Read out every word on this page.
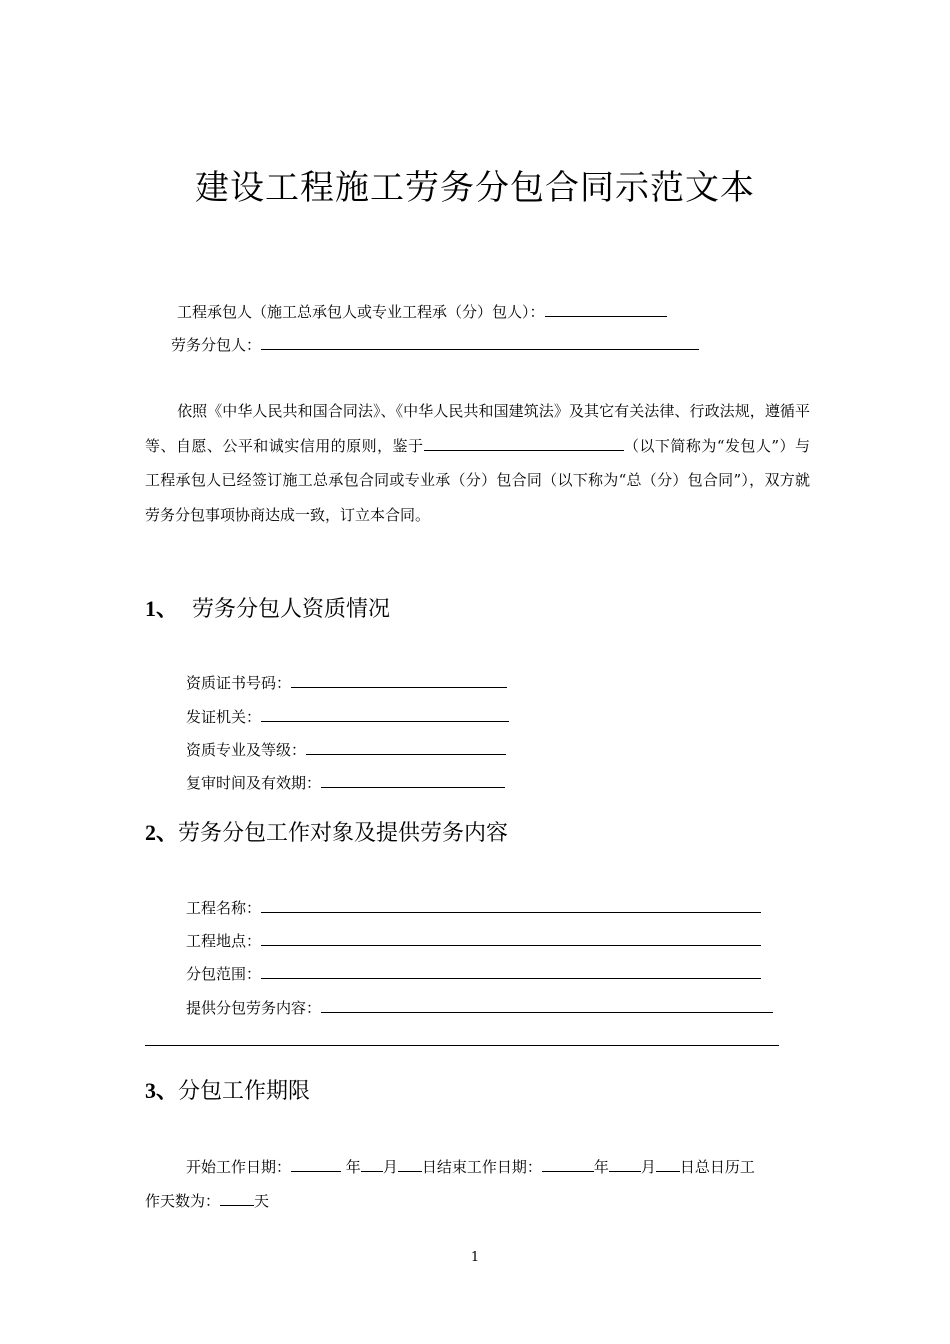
建设工程施工劳务分包合同示范文本
工程承包人（施工总承包人或专业工程承（分）包人）：
劳务分包人：
依照《中华人民共和国合同法》、《中华人民共和国建筑法》及其它有关法律、行政法规，遵循平等、自愿、公平和诚实信用的原则，鉴于	（以下简称为“发包人”）与工程承包人已经签订施工总承包合同或专业承（分）包合同（以下称为“总（分）包合同”），双方就劳务分包事项协商达成一致，订立本合同。
1、 劳务分包人资质情况
资质证书号码：
发证机关：
资质专业及等级：
复审时间及有效期：
2、劳务分包工作对象及提供劳务内容
工程名称：
工程地点：
分包范围：
提供分包劳务内容：
3、分包工作期限
开始工作日期：	年 月 日结束工作日期：	年 月 日总日历工
作天数为： 天
1
